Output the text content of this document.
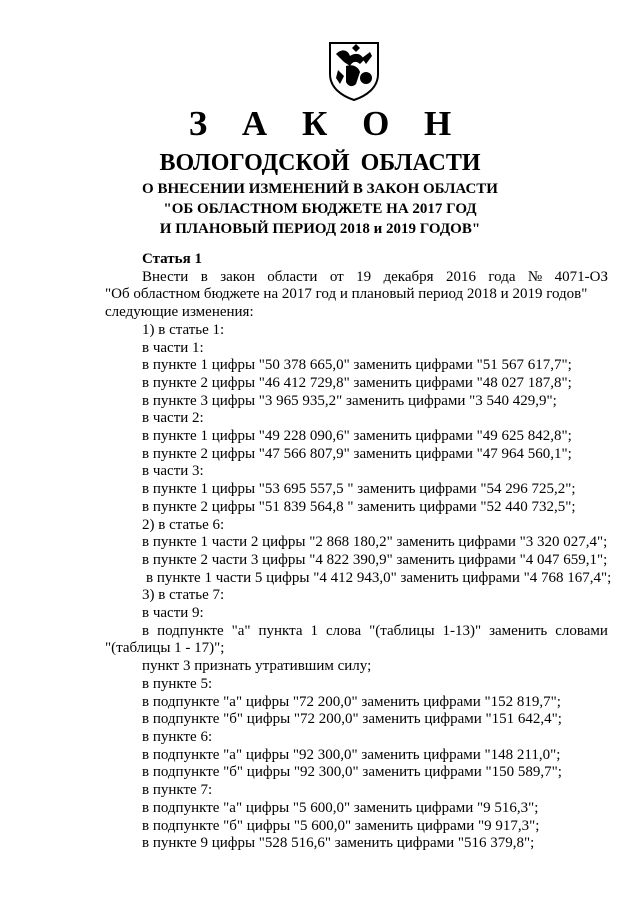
З А К О Н
ВОЛОГОДСКОЙ ОБЛАСТИ
О ВНЕСЕНИИ ИЗМЕНЕНИЙ В ЗАКОН ОБЛАСТИ
"ОБ ОБЛАСТНОМ БЮДЖЕТЕ НА 2017 ГОД
И ПЛАНОВЫЙ ПЕРИОД 2018 и 2019 ГОДОВ"
Статья 1
Внести в закон области от 19 декабря 2016 года № 4071-ОЗ
"Об областном бюджете на 2017 год и плановый период 2018 и 2019 годов"
следующие изменения:
1) в статье 1:
в части 1:
в пункте 1 цифры "50 378 665,0" заменить цифрами "51 567 617,7";
в пункте 2 цифры "46 412 729,8" заменить цифрами "48 027 187,8";
в пункте 3 цифры "3 965 935,2" заменить цифрами "3 540 429,9";
в части 2:
в пункте 1 цифры "49 228 090,6" заменить цифрами "49 625 842,8";
в пункте 2 цифры "47 566 807,9" заменить цифрами "47 964 560,1";
в части 3:
в пункте 1 цифры "53 695 557,5 " заменить цифрами "54 296 725,2";
в пункте 2 цифры "51 839 564,8 " заменить цифрами "52 440 732,5";
2) в статье 6:
в пункте 1 части 2 цифры "2 868 180,2" заменить цифрами "3 320 027,4";
в пункте 2 части 3 цифры "4 822 390,9" заменить цифрами "4 047 659,1";
в пункте 1 части 5 цифры "4 412 943,0" заменить цифрами "4 768 167,4";
3) в статье 7:
в части 9:
в подпункте "а" пункта 1 слова "(таблицы 1-13)" заменить словами
"(таблицы 1 - 17)";
пункт 3 признать утратившим силу;
в пункте 5:
в подпункте "а" цифры "72 200,0" заменить цифрами "152 819,7";
в подпункте "б" цифры "72 200,0" заменить цифрами "151 642,4";
в пункте 6:
в подпункте "а" цифры "92 300,0" заменить цифрами "148 211,0";
в подпункте "б" цифры "92 300,0" заменить цифрами "150 589,7";
в пункте 7:
в подпункте "а" цифры "5 600,0" заменить цифрами "9 516,3";
в подпункте "б" цифры "5 600,0" заменить цифрами "9 917,3";
в пункте 9 цифры "528 516,6" заменить цифрами "516 379,8";
